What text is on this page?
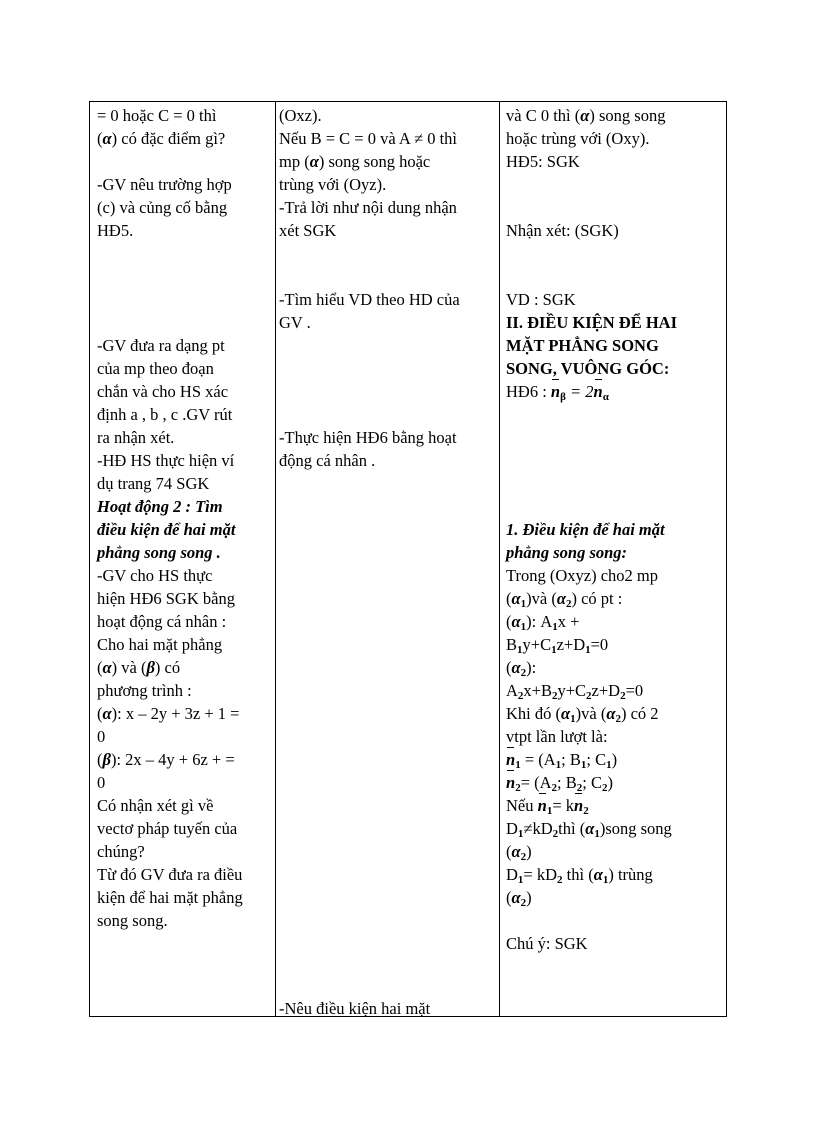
= 0 hoặc C = 0 thì
(α) có đặc điểm gì?
-GV nêu trường hợp
(c) và củng cố bằng
HĐ5.
-GV đưa ra dạng pt
của mp theo đoạn
chắn và cho HS xác
định a , b , c .GV rút
ra nhận xét.
-HĐ HS thực hiện ví
dụ trang 74 SGK
Hoạt động 2 : Tìm
điều kiện để hai mặt
phẳng song song .
-GV cho HS thực
hiện HĐ6 SGK bằng
hoạt động cá nhân :
Cho hai mặt phẳng
(α) và (β) có
phương trình :
(α): x – 2y + 3z + 1 =
0
(β): 2x – 4y + 6z + =
0
Có nhận xét gì về
vectơ pháp tuyến của
chúng?
Từ đó GV đưa ra điều
kiện để hai mặt phẳng
song song.
(Oxz).
Nếu B = C = 0 và A ≠ 0 thì
mp (α) song song hoặc
trùng với (Oyz).
-Trả lời như nội dung nhận
xét SGK
-Tìm hiểu VD theo HD của
GV .
-Thực hiện HĐ6 bằng hoạt
động cá nhân .
-Nêu điều kiện hai mặt
và C 0 thì (α) song song
hoặc trùng với (Oxy).
HĐ5: SGK
Nhận xét: (SGK)
VD : SGK
II. ĐIỀU KIỆN ĐỂ HAI
MẶT PHẲNG SONG
SONG, VUÔNG GÓC:
HĐ6 : $n_\beta = 2n_\alpha$
1. Điều kiện để hai mặt
phẳng song song:
Trong (Oxyz) cho2 mp
$(\alpha_1)và$ $(\alpha_2)$ có pt :
$(\alpha_1)$: $A_1x$ +
$B_1y+C_1z+D_1=0$
$(\alpha_2)$:
$A_2x+B_2y+C_2z+D_2=0$
Khi đó $(\alpha_1)và$ $(\alpha_2)$ có 2
vtpt lần lượt là:
$n_1 = (A_1$; $B_1$; $C_1$)
$n_2= (A_2$; $B_2$; $C_2$)
Nếu $n_1= kn_2$
$D_1\ne kD_2thì$ $(\alpha_1)song$ song
$(\alpha_2)$
$D_1= kD_2$ thì $(\alpha_1)$ trùng
$(\alpha_2)$
Chú ý: SGK
